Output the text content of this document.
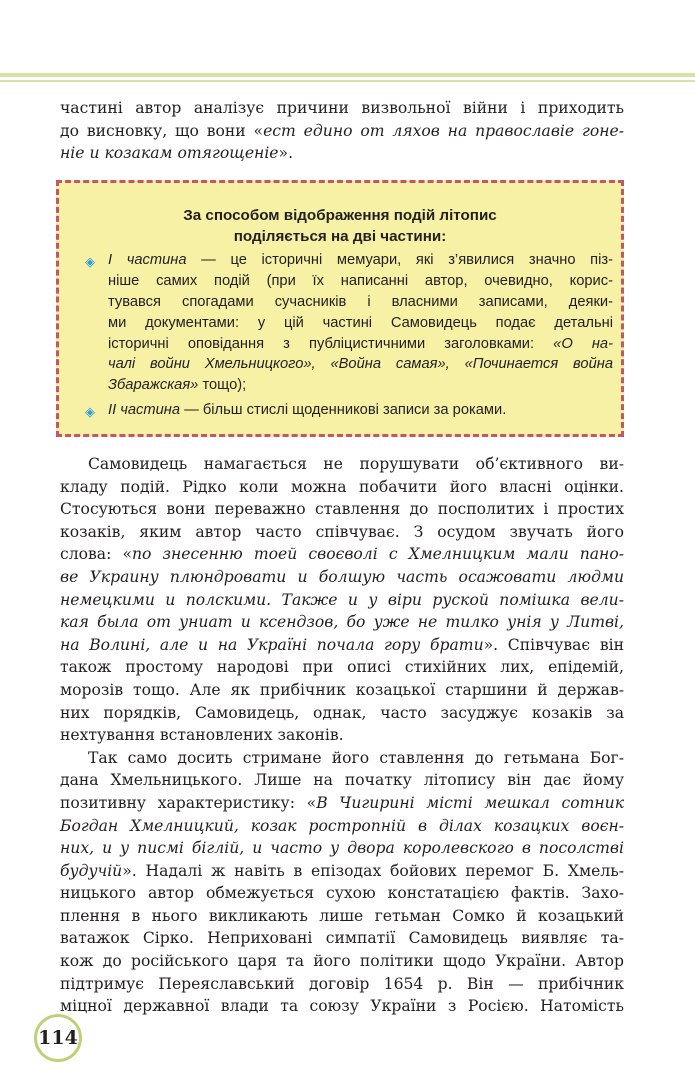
частині автор аналізує причини визвольної війни і приходить
до висновку, що вони «ест едино от ляхов на православіе гоне-
ніе и козакам отягощеніе».
За способом відображення подій літопис
поділяється на дві частини:
◈ І частина — це історичні мемуари, які з’явилися значно піз-
ніше самих подій (при їх написанні автор, очевидно, корис-
тувався спогадами сучасників і власними записами, деяки-
ми документами: у цій частині Самовидець подає детальні
історичні оповідання з публіцистичними заголовками: «О на-
чалі войни Хмельницкого», «Война самая», «Починается война
Збаражская» тощо);
◈ ІІ частина — більш стислі щоденникові записи за роками.
Самовидець намагається не порушувати об’єктивного ви-
кладу подій. Рідко коли можна побачити його власні оцінки.
Стосуються вони переважно ставлення до посполитих і простих
козаків, яким автор часто співчуває. З осудом звучать його
слова: «по знесенню тоей своєволі с Хмелницким мали пано-
ве Украину плюндровати и болшую часть осажовати людми
немецкими и полскими. Также и у віри руской помішка вели-
кая была от униат и ксендзов, бо уже не тилко унія у Литві,
на Волині, але и на Україні почала гору брати». Співчуває він
також простому народові при описі стихійних лих, епідемій,
морозів тощо. Але як прибічник козацької старшини й держав-
них порядків, Самовидець, однак, часто засуджує козаків за
нехтування встановлених законів.
Так само досить стримане його ставлення до гетьмана Бог-
дана Хмельницького. Лише на початку літопису він дає йому
позитивну характеристику: «В Чигирині місті мешкал сотник
Богдан Хмелницкий, козак ростропній в ділах козацких воєн-
них, и у писмі біглій, и часто у двора королевского в посолстві
будучій». Надалі ж навіть в епізодах бойових перемог Б. Хмель-
ницького автор обмежується сухою констатацією фактів. Захо-
плення в нього викликають лише гетьман Сомко й козацький
ватажок Сірко. Неприховані симпатії Самовидець виявляє та-
кож до російського царя та його політики щодо України. Автор
підтримує Переяславський договір 1654 р. Він — прибічник
міцної державної влади та союзу України з Росією. Натомість
114
